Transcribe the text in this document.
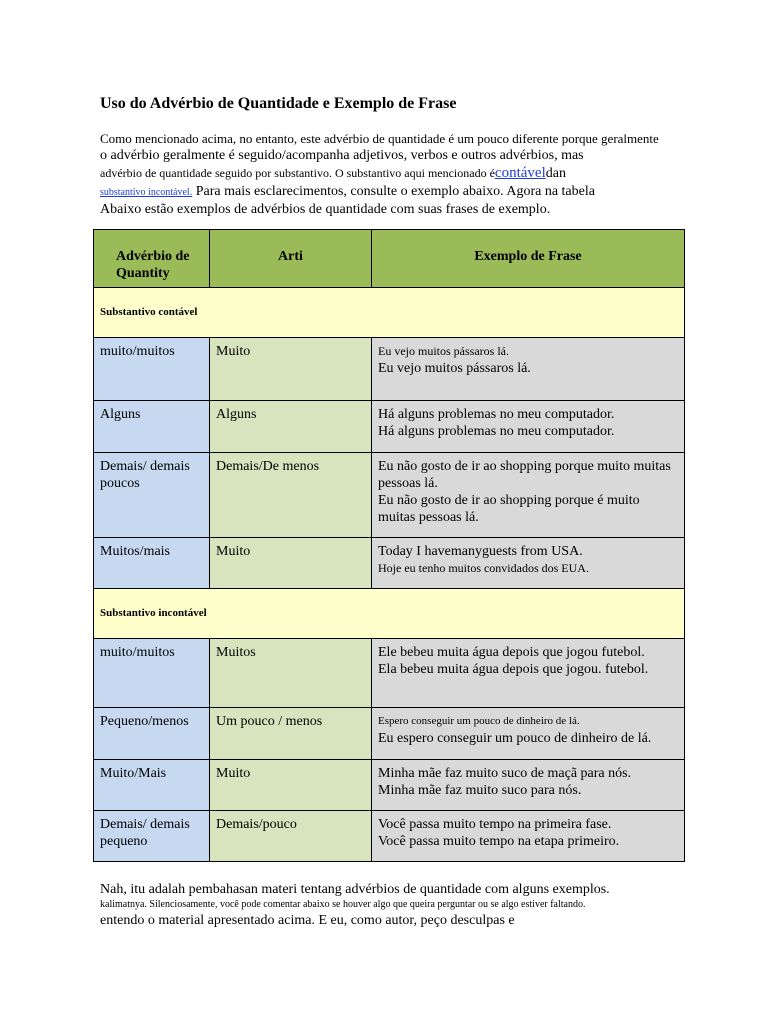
Uso do Advérbio de Quantidade e Exemplo de Frase
Como mencionado acima, no entanto, este advérbio de quantidade é um pouco diferente porque geralmente
o advérbio geralmente é seguido/acompanha adjetivos, verbos e outros advérbios, mas
advérbio de quantidade seguido por substantivo. O substantivo aqui mencionado écontáveldan
substantivo incontável. Para mais esclarecimentos, consulte o exemplo abaixo. Agora na tabela
Abaixo estão exemplos de advérbios de quantidade com suas frases de exemplo.
Advérbio de Quantity	Arti	Exemplo de Frase
Substantivo contável		
muito/muitos	Muito	Eu vejo muitos pássaros lá.
Eu vejo muitos pássaros lá.

Alguns	Alguns	Há alguns problemas no meu computador.
Há alguns problemas no meu computador.

Demais/ demais poucos	Demais/De menos	Eu não gosto de ir ao shopping porque muito muitas pessoas lá.
Eu não gosto de ir ao shopping porque é muito muitas pessoas lá.

Muitos/mais	Muito	Today I havemanyguests from USA.
Hoje eu tenho muitos convidados dos EUA.

Substantivo incontável		
muito/muitos	Muitos	Ele bebeu muita água depois que jogou futebol.
Ela bebeu muita água depois que jogou. futebol.

Pequeno/menos	Um pouco / menos	Espero conseguir um pouco de dinheiro de lá.
Eu espero conseguir um pouco de dinheiro de lá.

Muito/Mais	Muito	Minha mãe faz muito suco de maçã para nós.
Minha mãe faz muito suco para nós.

Demais/ demais pequeno	Demais/pouco	Você passa muito tempo na primeira fase.
Você passa muito tempo na etapa primeiro.
Nah, itu adalah pembahasan materi tentang advérbios de quantidade com alguns exemplos.
kalimatnya. Silenciosamente, você pode comentar abaixo se houver algo que queira perguntar ou se algo estiver faltando.
entendo o material apresentado acima. E eu, como autor, peço desculpas e
